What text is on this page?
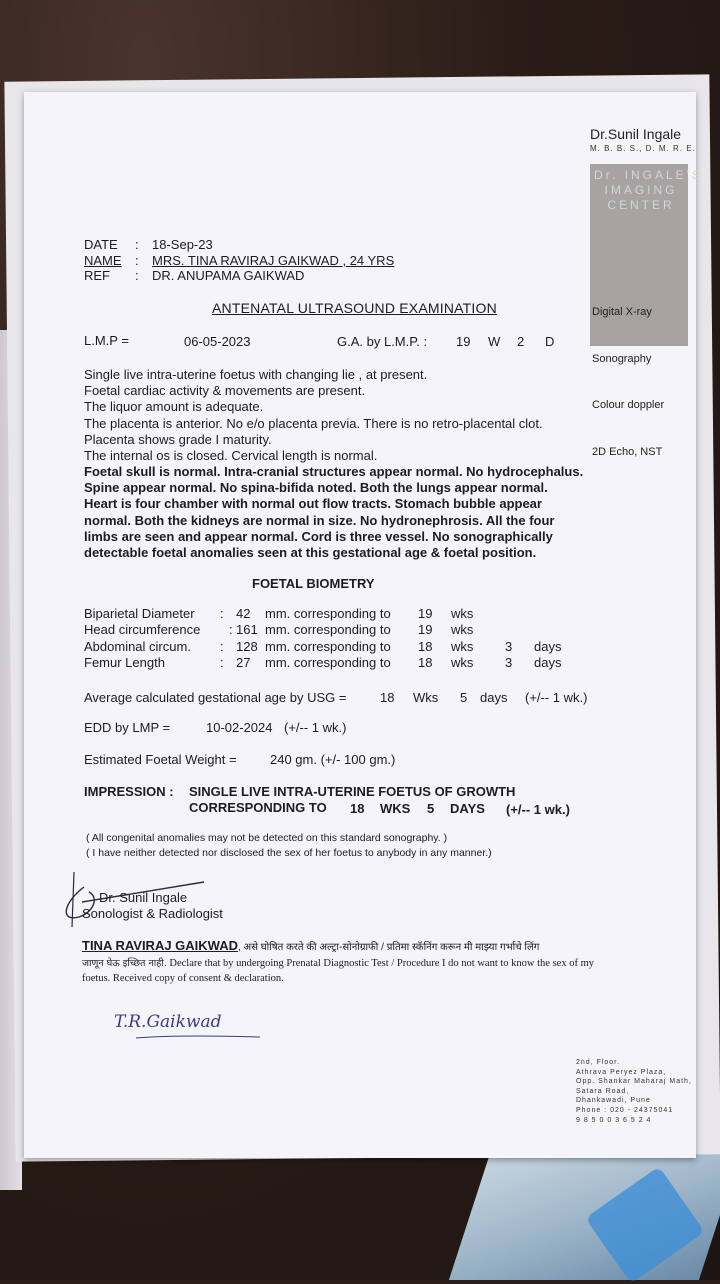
Dr.Sunil Ingale
M. B. B. S., D. M. R. E.
Dr. INGALE'S
IMAGING
CENTER

Digital X-ray

Sonography

Colour doppler

2D Echo, NST

DATE : 18-Sep-23
NAME : MRS. TINA RAVIRAJ GAIKWAD , 24 YRS
REF : DR. ANUPAMA GAIKWAD
ANTENATAL ULTRASOUND EXAMINATION
L.M.P =	06-05-2023	G.A. by L.M.P. : 19 W 2 D
Single live intra-uterine foetus with changing lie , at present.
Foetal cardiac activity & movements are present.
The liquor amount is adequate.
The placenta is anterior. No e/o placenta previa. There is no retro-placental clot.
Placenta shows grade I maturity.
The internal os is closed. Cervical length is normal.
Foetal skull is normal. Intra-cranial structures appear normal. No hydrocephalus.
Spine appear normal. No spina-bifida noted. Both the lungs appear normal.
Heart is four chamber with normal out flow tracts. Stomach bubble appear
normal. Both the kidneys are normal in size. No hydronephrosis. All the four
limbs are seen and appear normal. Cord is three vessel. No sonographically
detectable foetal anomalies seen at this gestational age & foetal position.
FOETAL BIOMETRY
Biparietal Diameter : 42 mm. corresponding to 19 wks
Head circumference : 161 mm. corresponding to 19 wks
Abdominal circum. : 128 mm. corresponding to 18 wks 3 days
Femur Length	: 27 mm. corresponding to 18 wks 3 days
Average calculated gestational age by USG =	18 Wks 5 days (+/-- 1 wk.)
EDD by LMP =	10-02-2024 (+/-- 1 wk.)
Estimated Foetal Weight =	240 gm. (+/- 100 gm.)
IMPRESSION : SINGLE LIVE INTRA-UTERINE FOETUS OF GROWTH
CORRESPONDING TO 18 WKS 5 DAYS (+/-- 1 wk.)
( All congenital anomalies may not be detected on this standard sonography. )
( I have neither detected nor disclosed the sex of her foetus to anybody in any manner.)
Dr. Sunil Ingale
Sonologist & Radiologist
TINA RAVIRAJ GAIKWAD, असे घोषित करते की अल्ट्रा-सोनोग्राफी / प्रतिमा स्कॅनिंग करून मी माझ्या गर्भाचे लिंग
जाणून घेऊ इच्छित नाही. Declare that by undergoing Prenatal Diagnostic Test / Procedure I do not want to know the sex of my
foetus. Received copy of consent & declaration.
T.R.Gaikwad
2nd, Floor.
Athrava Peryez Plaza,
Opp. Shankar Maharaj Math,
Satara Road,
Dhankawadi, Pune
Phone : 020 - 24375041
9 8 5 0 0 3 6 5 2 4
